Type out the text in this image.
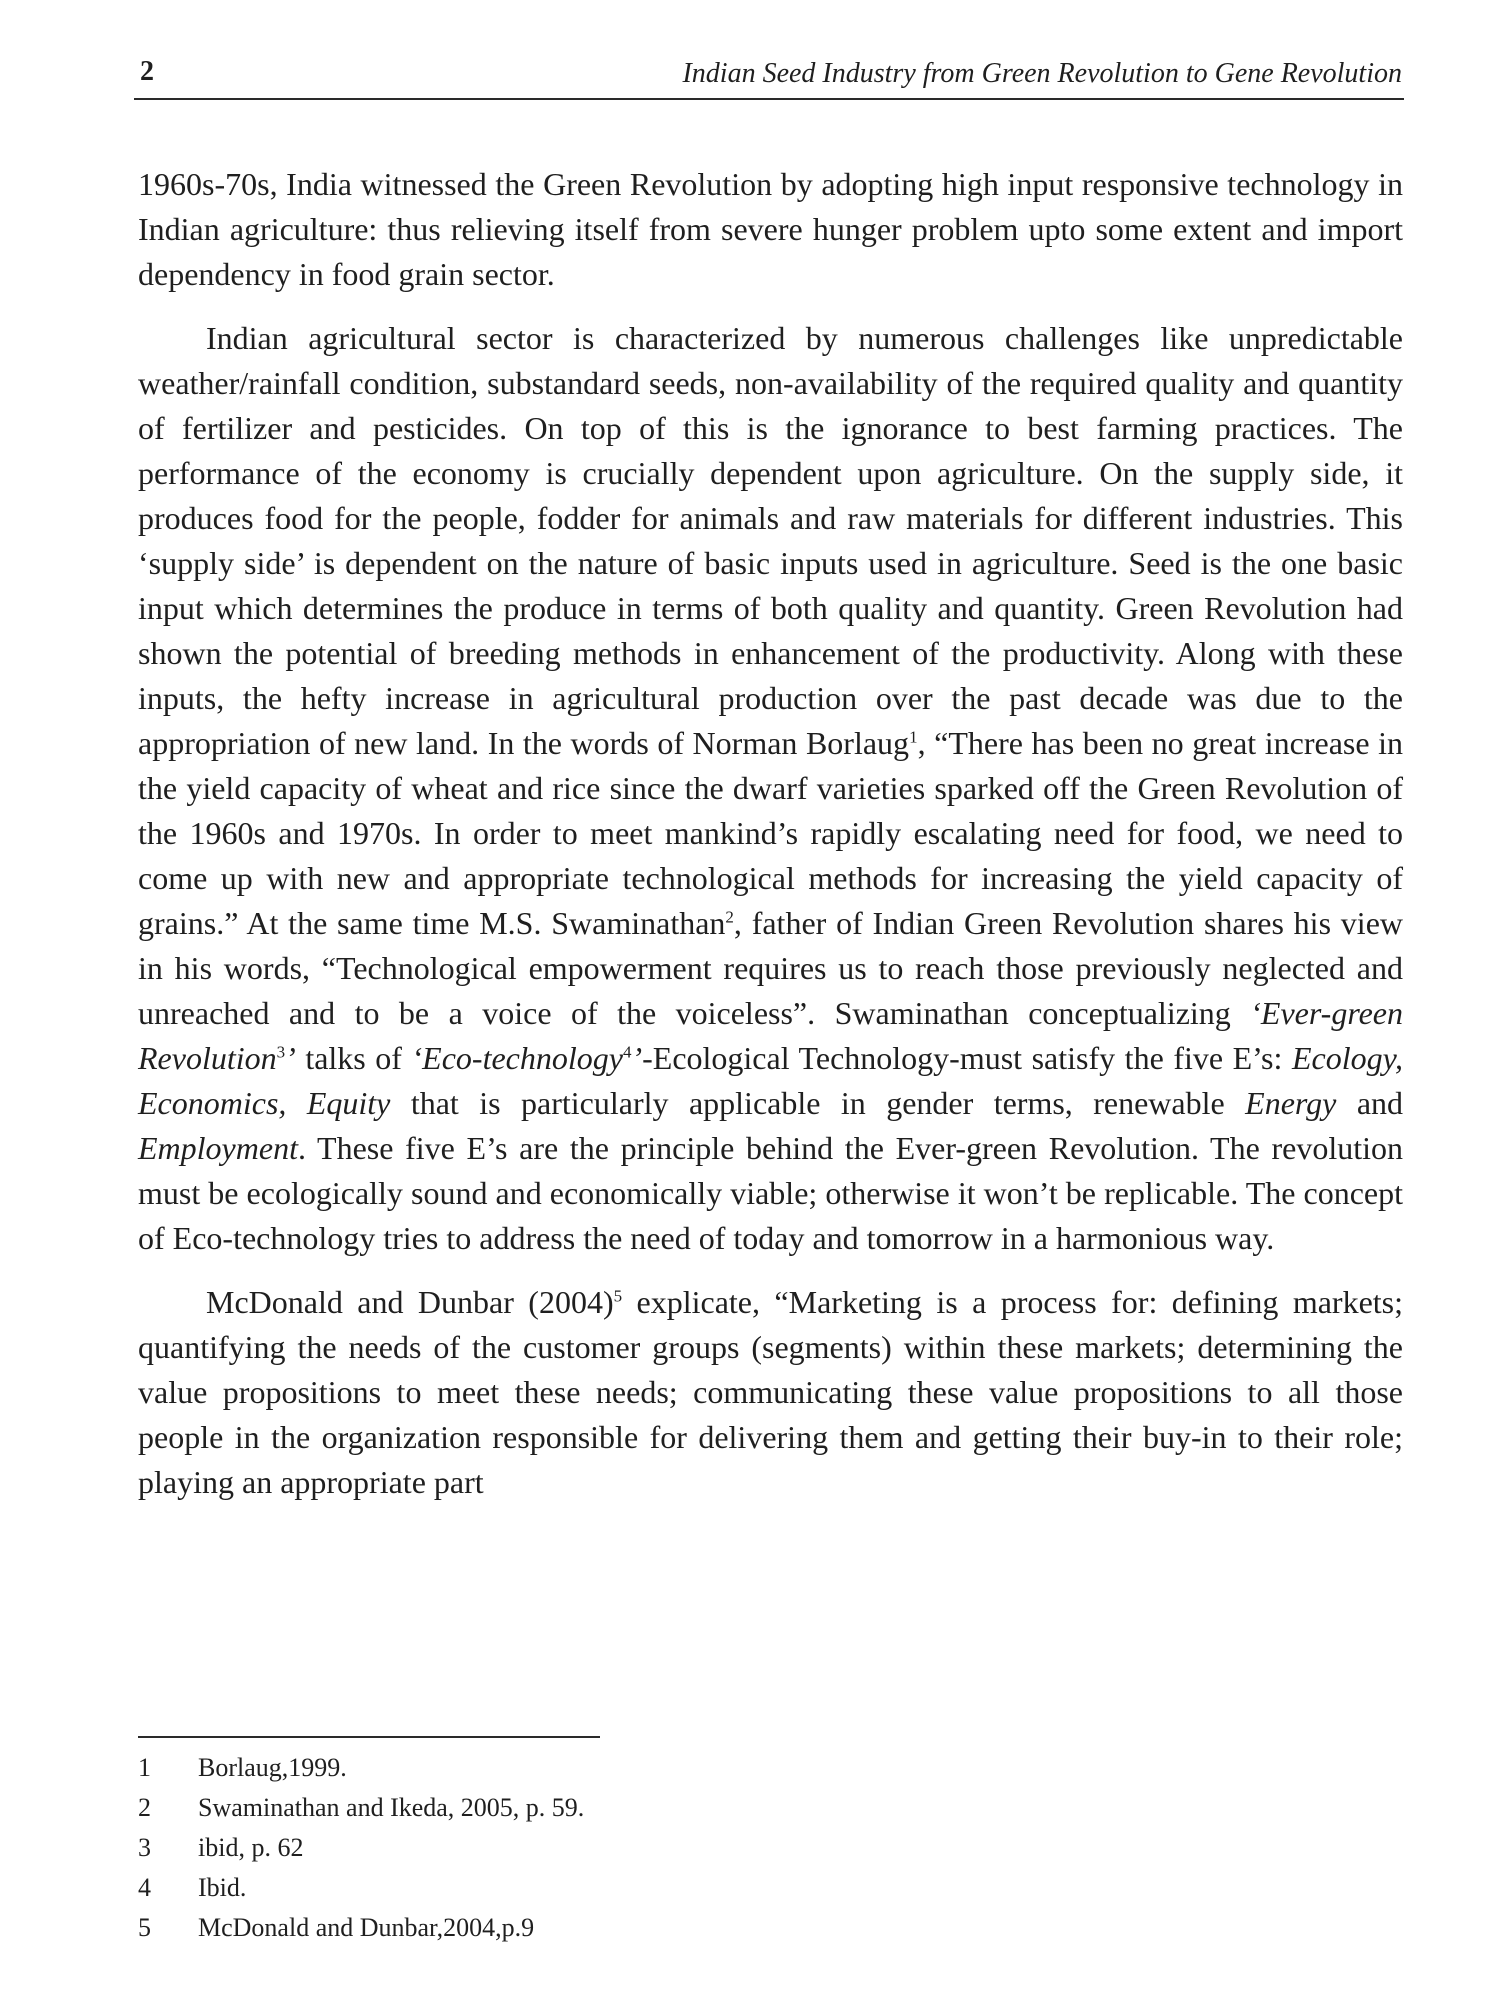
2	Indian Seed Industry from Green Revolution to Gene Revolution

1960s-70s, India witnessed the Green Revolution by adopting high input responsive technology in Indian agriculture: thus relieving itself from severe hunger problem upto some extent and import dependency in food grain sector.

Indian agricultural sector is characterized by numerous challenges like unpredictable weather/rainfall condition, substandard seeds, non-availability of the required quality and quantity of fertilizer and pesticides. On top of this is the ignorance to best farming practices. The performance of the economy is crucially dependent upon agriculture. On the supply side, it produces food for the people, fodder for animals and raw materials for different industries. This ‘supply side’ is dependent on the nature of basic inputs used in agriculture. Seed is the one basic input which determines the produce in terms of both quality and quantity. Green Revolution had shown the potential of breeding methods in enhancement of the productivity. Along with these inputs, the hefty increase in agricultural production over the past decade was due to the appropriation of new land. In the words of Norman Borlaug$^1$, “There has been no great increase in the yield capacity of wheat and rice since the dwarf varieties sparked off the Green Revolution of the 1960s and 1970s. In order to meet mankind’s rapidly escalating need for food, we need to come up with new and appropriate technological methods for increasing the yield capacity of grains.” At the same time M.S. Swaminathan$^2$, father of Indian Green Revolution shares his view in his words, “Technological empowerment requires us to reach those previously neglected and unreached and to be a voice of the voiceless”. Swaminathan conceptualizing ‘Ever-green Revolution$^3$’ talks of ‘Eco-technology$^4$’-Ecological Technology-must satisfy the five E’s: Ecology, Economics, Equity that is particularly applicable in gender terms, renewable Energy and Employment. These five E’s are the principle behind the Ever-green Revolution. The revolution must be ecologically sound and economically viable; otherwise it won’t be replicable. The concept of Eco-technology tries to address the need of today and tomorrow in a harmonious way.

McDonald and Dunbar $(2004)^5$ explicate, “Marketing is a process for: defining markets; quantifying the needs of the customer groups (segments) within these markets; determining the value propositions to meet these needs; communicating these value propositions to all those people in the organization responsible for delivering them and getting their buy-in to their role; playing an appropriate part

1 Borlaug,1999.
2 Swaminathan and Ikeda, 2005, p. 59.
3 ibid, p. 62
4 Ibid.
5 McDonald and Dunbar,2004,p.9
